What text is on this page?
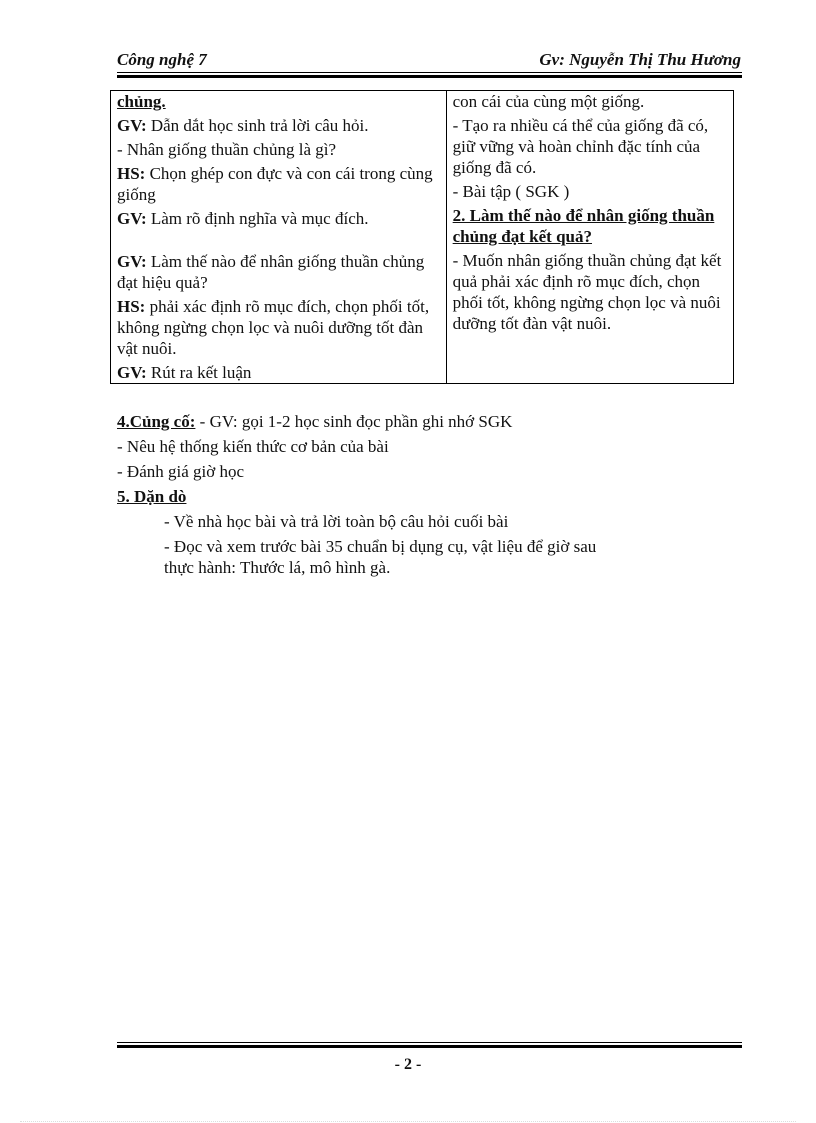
Công nghệ 7	Gv: Nguyễn Thị Thu Hương
chủng.
GV: Dẫn dắt học sinh trả lời câu hỏi.
- Nhân giống thuần chủng là gì?
HS: Chọn ghép con đực và con cái trong cùng giống
GV: Làm rõ định nghĩa và mục đích.
GV: Làm thế nào để nhân giống thuần chủng đạt hiệu quả?
HS: phải xác định rõ mục đích, chọn phối tốt, không ngừng chọn lọc và nuôi dưỡng tốt đàn vật nuôi.
GV: Rút ra kết luận

con cái của cùng một giống.
- Tạo ra nhiều cá thể của giống đã có, giữ vững và hoàn chỉnh đặc tính của giống đã có.
- Bài tập ( SGK )
2. Làm thế nào để nhân giống thuần chủng đạt kết quả?
- Muốn nhân giống thuần chủng đạt kết quả phải xác định rõ mục đích, chọn phối tốt, không ngừng chọn lọc và nuôi dưỡng tốt đàn vật nuôi.
4.Củng cố: - GV: gọi 1-2 học sinh đọc phần ghi nhớ SGK
- Nêu hệ thống kiến thức cơ bản của bài
- Đánh giá giờ học
5. Dặn dò
- Về nhà học bài và trả lời toàn bộ câu hỏi cuối bài
- Đọc và xem trước bài 35 chuẩn bị dụng cụ, vật liệu để giờ sau
thực hành: Thước lá, mô hình gà.
- 2 -
